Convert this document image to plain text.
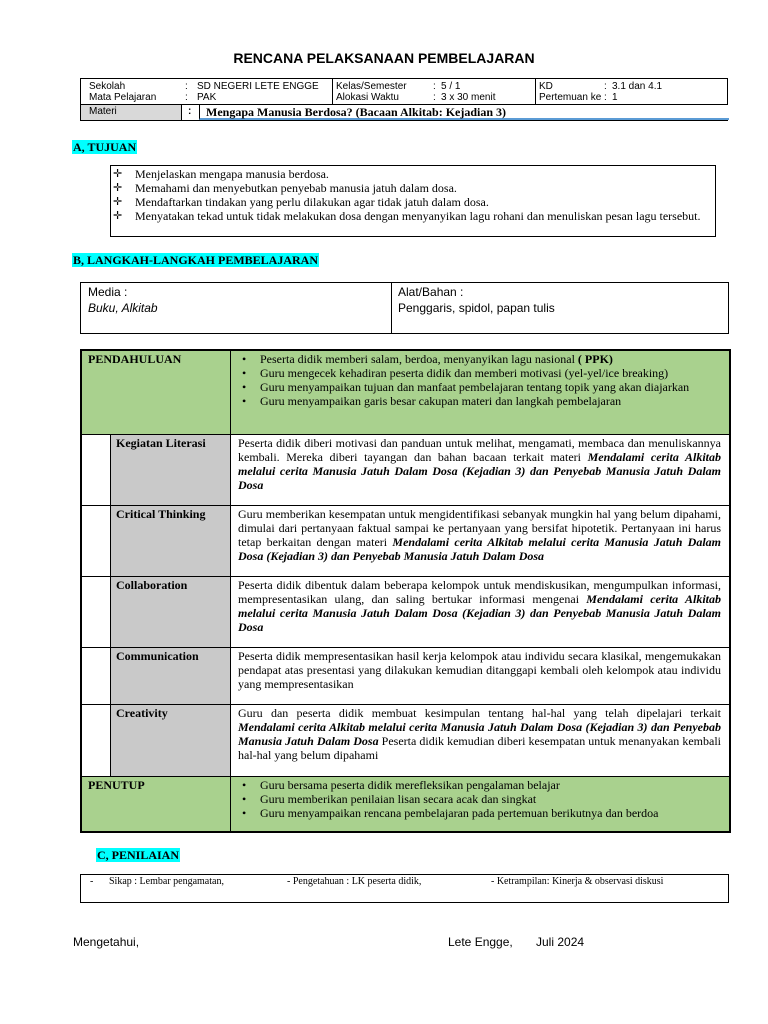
RENCANA PELAKSANAAN PEMBELAJARAN
Sekolah	: SD NEGERI LETE ENGGE
Mata Pelajaran	: PAK
Kelas/Semester	: 5 / 1
Alokasi Waktu	: 3 x 30 menit
KD	: 3.1 dan 4.1
Pertemuan ke : 1
Materi	: Mengapa Manusia Berdosa? (Bacaan Alkitab: Kejadian 3)
A, TUJUAN
✛ Menjelaskan mengapa manusia berdosa.
✛ Memahami dan menyebutkan penyebab manusia jatuh dalam dosa.
✛ Mendaftarkan tindakan yang perlu dilakukan agar tidak jatuh dalam dosa.
✛ Menyatakan tekad untuk tidak melakukan dosa dengan menyanyikan lagu rohani dan menuliskan pesan lagu tersebut.
B, LANGKAH-LANGKAH PEMBELAJARAN
Media :
Buku, Alkitab
Alat/Bahan :
Penggaris, spidol, papan tulis
PENDAHULUAN	• Peserta didik memberi salam, berdoa, menyanyikan lagu nasional ( PPK)
• Guru mengecek kehadiran peserta didik dan memberi motivasi (yel-yel/ice breaking)
• Guru menyampaikan tujuan dan manfaat pembelajaran tentang topik yang akan diajarkan
• Guru menyampaikan garis besar cakupan materi dan langkah pembelajaran
Kegiatan Literasi	Peserta didik diberi motivasi dan panduan untuk melihat, mengamati, membaca dan menuliskannya kembali. Mereka diberi tayangan dan bahan bacaan terkait materi Mendalami cerita Alkitab melalui cerita Manusia Jatuh Dalam Dosa (Kejadian 3) dan Penyebab Manusia Jatuh Dalam Dosa
Critical Thinking	Guru memberikan kesempatan untuk mengidentifikasi sebanyak mungkin hal yang belum dipahami, dimulai dari pertanyaan faktual sampai ke pertanyaan yang bersifat hipotetik. Pertanyaan ini harus tetap berkaitan dengan materi Mendalami cerita Alkitab melalui cerita Manusia Jatuh Dalam Dosa (Kejadian 3) dan Penyebab Manusia Jatuh Dalam Dosa
Collaboration	Peserta didik dibentuk dalam beberapa kelompok untuk mendiskusikan, mengumpulkan informasi, mempresentasikan ulang, dan saling bertukar informasi mengenai Mendalami cerita Alkitab melalui cerita Manusia Jatuh Dalam Dosa (Kejadian 3) dan Penyebab Manusia Jatuh Dalam Dosa
Communication	Peserta didik mempresentasikan hasil kerja kelompok atau individu secara klasikal, mengemukakan pendapat atas presentasi yang dilakukan kemudian ditanggapi kembali oleh kelompok atau individu yang mempresentasikan
Creativity	Guru dan peserta didik membuat kesimpulan tentang hal-hal yang telah dipelajari terkait Mendalami cerita Alkitab melalui cerita Manusia Jatuh Dalam Dosa (Kejadian 3) dan Penyebab Manusia Jatuh Dalam Dosa Peserta didik kemudian diberi kesempatan untuk menanyakan kembali hal-hal yang belum dipahami
PENUTUP	• Guru bersama peserta didik merefleksikan pengalaman belajar
• Guru memberikan penilaian lisan secara acak dan singkat
• Guru menyampaikan rencana pembelajaran pada pertemuan berikutnya dan berdoa
C, PENILAIAN
- Sikap : Lembar pengamatan,	- Pengetahuan : LK peserta didik,	- Ketrampilan: Kinerja & observasi diskusi
Mengetahui,	Lete Engge, Juli 2024
